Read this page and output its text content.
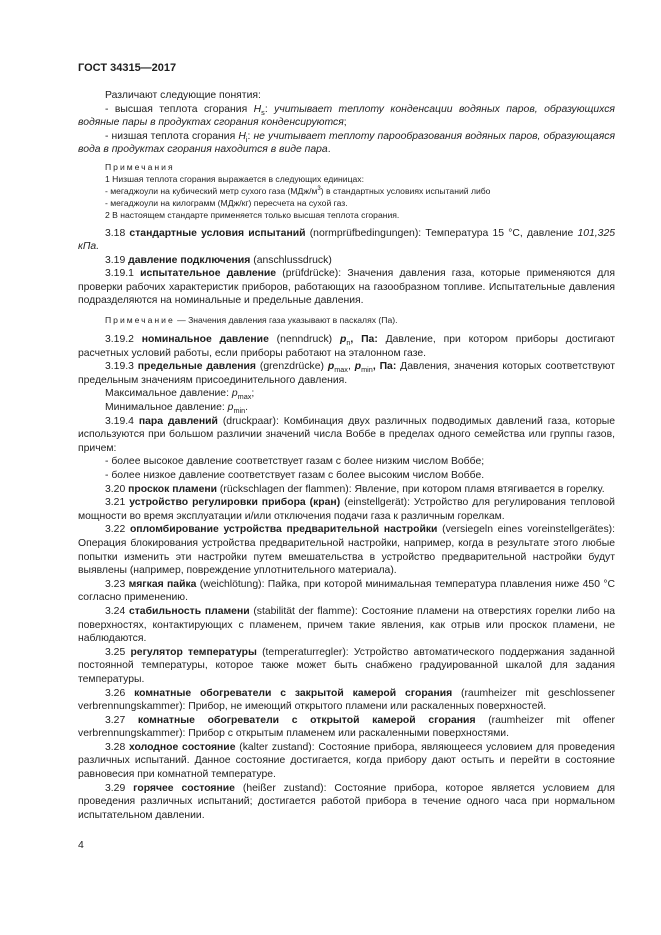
ГОСТ 34315—2017

Различают следующие понятия:

- высшая теплота сгорания $H_s$: учитывает теплоту конденсации водяных паров, образующихся водяные пары в продуктах сгорания конденсируются;

- низшая теплота сгорания $H_i$: не учитывает теплоту парообразования водяных паров, образующаяся вода в продуктах сгорания находится в виде пара.

Примечания

1 Низшая теплота сгорания выражается в следующих единицах:

- мегаджоули на кубический метр сухого газа $(МДж/м^3)$ в стандартных условиях испытаний либо

- мегаджоули на килограмм (МДж/кг) пересчета на сухой газ.

2 В настоящем стандарте применяется только высшая теплота сгорания.

3.18 стандартные условия испытаний (normprüfbedingungen): Температура 15 °С, давление 101,325 кПа.

3.19 давление подключения (anschlussdruck)

3.19.1 испытательное давление (prüfdrücke): Значения давления газа, которые применяются для проверки рабочих характеристик приборов, работающих на газообразном топливе. Испытательные давления подразделяются на номинальные и предельные давления.

Примечание — Значения давления газа указывают в паскалях (Па).

3.19.2 номинальное давление (nenndruck) $p_n$, Па: Давление, при котором приборы достигают расчетных условий работы, если приборы работают на эталонном газе.

3.19.3 предельные давления (grenzdrücke) $p_{max}$, $p_{min}$, Па: Давления, значения которых соответствуют предельным значениям присоединительного давления.

Максимальное давление: $p_{max}$;

Минимальное давление: $p_{min}$.

3.19.4 пара давлений (druckpaar): Комбинация двух различных подводимых давлений газа, которые используются при большом различии значений числа Воббе в пределах одного семейства или группы газов, причем:

- более высокое давление соответствует газам с более низким числом Воббе;

- более низкое давление соответствует газам с более высоким числом Воббе.

3.20 проскок пламени (rückschlagen der flammen): Явление, при котором пламя втягивается в горелку.

3.21 устройство регулировки прибора (кран) (einstellgerät): Устройство для регулирования тепловой мощности во время эксплуатации и/или отключения подачи газа к различным горелкам.

3.22 опломбирование устройства предварительной настройки (versiegeln eines voreinstellgerätes): Операция блокирования устройства предварительной настройки, например, когда в результате этого любые попытки изменить эти настройки путем вмешательства в устройство предварительной настройки будут выявлены (например, повреждение уплотнительного материала).

3.23 мягкая пайка (weichlötung): Пайка, при которой минимальная температура плавления ниже 450 °С согласно применению.

3.24 стабильность пламени (stabilität der flamme): Состояние пламени на отверстиях горелки либо на поверхностях, контактирующих с пламенем, причем такие явления, как отрыв или проскок пламени, не наблюдаются.

3.25 регулятор температуры (temperaturregler): Устройство автоматического поддержания заданной постоянной температуры, которое также может быть снабжено градуированной шкалой для задания температуры.

3.26 комнатные обогреватели с закрытой камерой сгорания (raumheizer mit geschlossener verbrennungskammer): Прибор, не имеющий открытого пламени или раскаленных поверхностей.

3.27 комнатные обогреватели с открытой камерой сгорания (raumheizer mit offener verbrennungskammer): Прибор с открытым пламенем или раскаленными поверхностями.

3.28 холодное состояние (kalter zustand): Состояние прибора, являющееся условием для проведения различных испытаний. Данное состояние достигается, когда прибору дают остыть и перейти в состояние равновесия при комнатной температуре.

3.29 горячее состояние (heißer zustand): Состояние прибора, которое является условием для проведения различных испытаний; достигается работой прибора в течение одного часа при нормальном испытательном давлении.

4
